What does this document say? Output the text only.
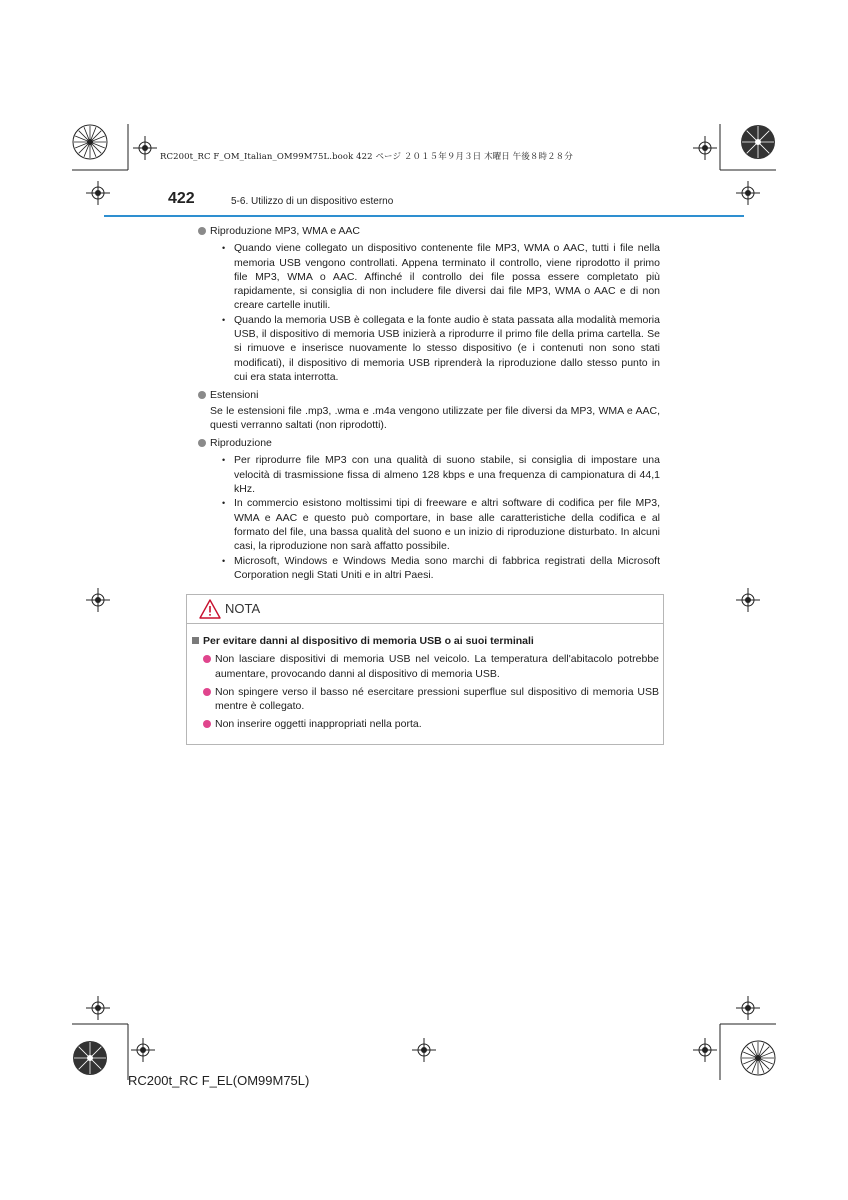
RC200t_RC F_OM_Italian_OM99M75L.book 422 ページ ２０１５年９月３日 木曜日 午後８時２８分
422	5-6. Utilizzo di un dispositivo esterno
Riproduzione MP3, WMA e AAC
• Quando viene collegato un dispositivo contenente file MP3, WMA o AAC, tutti i file nella memoria USB vengono controllati. Appena terminato il controllo, viene riprodotto il primo file MP3, WMA o AAC. Affinché il controllo dei file possa essere completato più rapidamente, si consiglia di non includere file diversi dai file MP3, WMA o AAC e di non creare cartelle inutili.
• Quando la memoria USB è collegata e la fonte audio è stata passata alla modalità memoria USB, il dispositivo di memoria USB inizierà a riprodurre il primo file della prima cartella. Se si rimuove e inserisce nuovamente lo stesso dispositivo (e i contenuti non sono stati modificati), il dispositivo di memoria USB riprenderà la riproduzione dallo stesso punto in cui era stata interrotta.
Estensioni
Se le estensioni file .mp3, .wma e .m4a vengono utilizzate per file diversi da MP3, WMA e AAC, questi verranno saltati (non riprodotti).
Riproduzione
• Per riprodurre file MP3 con una qualità di suono stabile, si consiglia di impostare una velocità di trasmissione fissa di almeno 128 kbps e una frequenza di campionatura di 44,1 kHz.
• In commercio esistono moltissimi tipi di freeware e altri software di codifica per file MP3, WMA e AAC e questo può comportare, in base alle caratteristiche della codifica e al formato del file, una bassa qualità del suono e un inizio di riproduzione disturbato. In alcuni casi, la riproduzione non sarà affatto possibile.
• Microsoft, Windows e Windows Media sono marchi di fabbrica registrati della Microsoft Corporation negli Stati Uniti e in altri Paesi.
NOTA
Per evitare danni al dispositivo di memoria USB o ai suoi terminali
Non lasciare dispositivi di memoria USB nel veicolo. La temperatura dell'abitacolo potrebbe aumentare, provocando danni al dispositivo di memoria USB.
Non spingere verso il basso né esercitare pressioni superflue sul dispositivo di memoria USB mentre è collegato.
Non inserire oggetti inappropriati nella porta.
RC200t_RC F_EL(OM99M75L)
